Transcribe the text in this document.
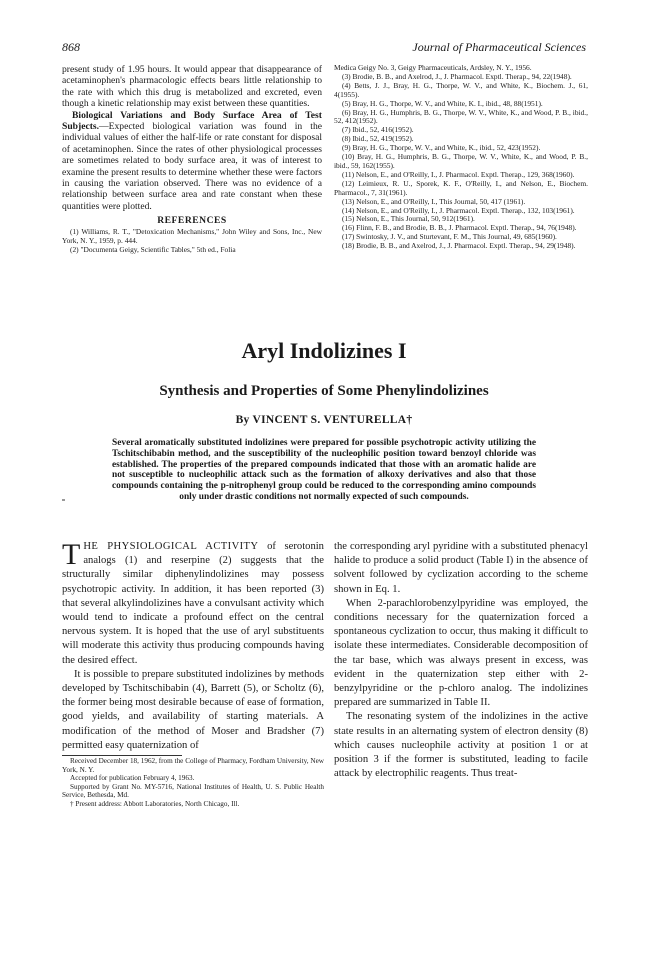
868	Journal of Pharmaceutical Sciences

present study of 1.95 hours. It would appear that disappearance of acetaminophen's pharmacologic effects bears little relationship to the rate with which this drug is metabolized and excreted, even though a kinetic relationship may exist between these quantities.

Biological Variations and Body Surface Area of Test Subjects.—Expected biological variation was found in the individual values of either the half-life or rate constant for disposal of acetaminophen. Since the rates of other physiological processes are sometimes related to body surface area, it was of interest to examine the present results to determine whether these were factors in causing the variation observed. There was no evidence of a relationship between surface area and rate constant when these quantities were plotted.

REFERENCES

(1) Williams, R. T., "Detoxication Mechanisms," John Wiley and Sons, Inc., New York, N. Y., 1959, p. 444.

(2) "Documenta Geigy, Scientific Tables," 5th ed., Folia

Medica Geigy No. 3, Geigy Pharmaceuticals, Ardsley, N. Y., 1956.

(3) Brodie, B. B., and Axelrod, J., J. Pharmacol. Exptl. Therap., 94, 22(1948).

(4) Betts, J. J., Bray, H. G., Thorpe, W. V., and White, K., Biochem. J., 61, 4(1955).

(5) Bray, H. G., Thorpe, W. V., and White, K. I., ibid., 48, 88(1951).

(6) Bray, H. G., Humphris, B. G., Thorpe, W. V., White, K., and Wood, P. B., ibid., 52, 412(1952).

(7) Ibid., 52, 416(1952).

(8) Ibid., 52, 419(1952).

(9) Bray, H. G., Thorpe, W. V., and White, K., ibid., 52, 423(1952).

(10) Bray, H. G., Humphris, B. G., Thorpe, W. V., White, K., and Wood, P. B., ibid., 59, 162(1955).

(11) Nelson, E., and O'Reilly, I., J. Pharmacol. Exptl. Therap., 129, 368(1960).

(12) Leimieux, R. U., Sporek, K. F., O'Reilly, I., and Nelson, E., Biochem. Pharmacol., 7, 31(1961).

(13) Nelson, E., and O'Reilly, I., This Journal, 50, 417 (1961).

(14) Nelson, E., and O'Reilly, I., J. Pharmacol. Exptl. Therap., 132, 103(1961).

(15) Nelson, E., This Journal, 50, 912(1961).

(16) Flinn, F. B., and Brodie, B. B., J. Pharmacol. Exptl. Therap., 94, 76(1948).

(17) Swintosky, J. V., and Sturtevant, F. M., This Journal, 49, 685(1960).

(18) Brodie, B. B., and Axelrod, J., J. Pharmacol. Exptl. Therap., 94, 29(1948).

Aryl Indolizines I
Synthesis and Properties of Some Phenylindolizines
By VINCENT S. VENTURELLA†
Several aromatically substituted indolizines were prepared for possible psychotropic activity utilizing the Tschitschibabin method, and the susceptibility of the nucleophilic position toward benzoyl chloride was established. The properties of the prepared compounds indicated that those with an aromatic halide are not susceptible to nucleophilic attack such as the formation of alkoxy derivatives and also that those compounds containing the p-nitrophenyl group could be reduced to the corresponding amino compounds only under drastic conditions not normally expected of such compounds.

THE PHYSIOLOGICAL ACTIVITY of serotonin analogs (1) and reserpine (2) suggests that the structurally similar diphenylindolizines may possess psychotropic activity. In addition, it has been reported (3) that several alkylindolizines have a convulsant activity which would tend to indicate a profound effect on the central nervous system. It is hoped that the use of aryl substituents will moderate this activity thus producing compounds having the desired effect.

It is possible to prepare substituted indolizines by methods developed by Tschitschibabin (4), Barrett (5), or Scholtz (6), the former being most desirable because of ease of formation, good yields, and availability of starting materials. A modification of the method of Moser and Bradsher (7) permitted easy quaternization of

Received December 18, 1962, from the College of Pharmacy, Fordham University, New York, N. Y.

Accepted for publication February 4, 1963.

Supported by Grant No. MY-5716, National Institutes of Health, U. S. Public Health Service, Bethesda, Md.

† Present address: Abbott Laboratories, North Chicago, Ill.

the corresponding aryl pyridine with a substituted phenacyl halide to produce a solid product (Table I) in the absence of solvent followed by cyclization according to the scheme shown in Eq. 1.

When 2-parachlorobenzylpyridine was employed, the conditions necessary for the quaternization forced a spontaneous cyclization to occur, thus making it difficult to isolate these intermediates. Considerable decomposition of the tar base, which was always present in excess, was evident in the quaternization step either with 2-benzylpyridine or the p-chloro analog. The indolizines prepared are summarized in Table II.

The resonating system of the indolizines in the active state results in an alternating system of electron density (8) which causes nucleophile activity at position 1 or at position 3 if the former is substituted, leading to facile attack by electrophilic reagents. Thus treat-
